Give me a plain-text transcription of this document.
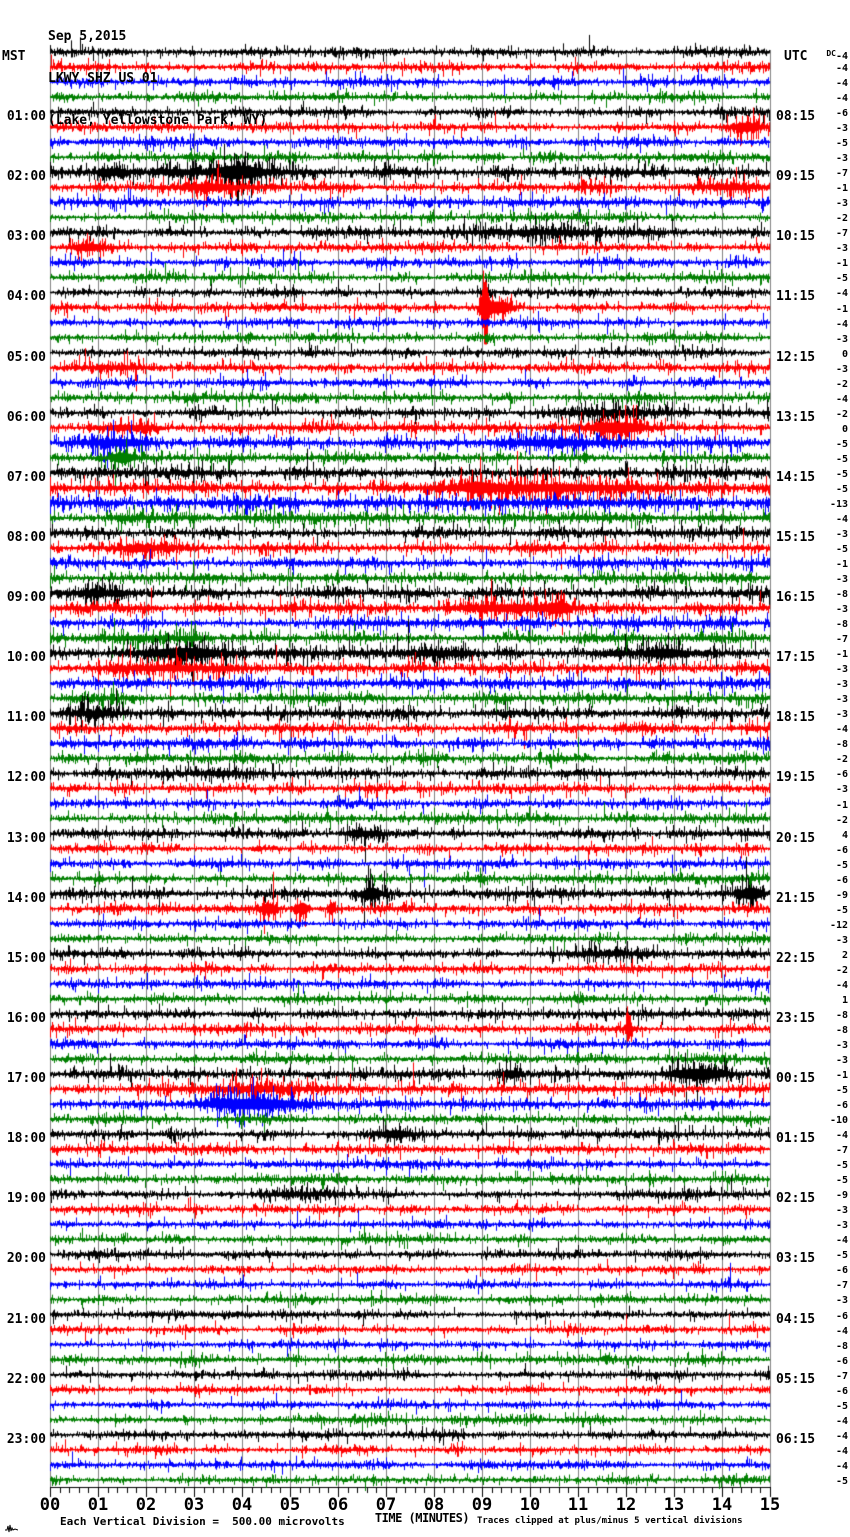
Sep 5,2015

LKWY SHZ US 01

(Lake, Yellowstone Park, WY)

MST	UTC
01:00
02:00
03:00
04:00
05:00
06:00
07:00
08:00
09:00
10:00
11:00
12:00
13:00
14:00
15:00
16:00
17:00
18:00
19:00
20:00
21:00
22:00
23:00
08:15
09:15
10:15
11:15
12:15
13:15
14:15
15:15
16:15
17:15
18:15
19:15
20:15
21:15
22:15
23:15
00:15
01:15
02:15
03:15
04:15
05:15
06:15
$^{DC}$-4
-4
-4
-4
-6
-3
-5
-3
-7
-1
-3
-2
-7
-3
-1
-5
-4
-1
-4
-3
0
-3
-2
-4
-2
0
-5
-5
-5
-5
-13
-4
-3
-5
-1
-3
-8
-3
-8
-7
-1
-3
-3
-3
-3
-4
-8
-2
-6
-3
-1
-2
4
-6
-5
-6
-9
-5
-12
-3
2
-2
-4
1
-8
-8
-3
-3
-1
-5
-6
-10
-4
-7
-5
-5
-9
-3
-3
-4
-5
-6
-7
-3
-6
-4
-8
-6
-7
-6
-5
-4
-4
-4
-4
-5
00	01	02	03	04	05	06	07	08	09	10	11	12	13	14	15
TIME (MINUTES)
Each Vertical Division =  500.00 microvolts	Traces clipped at plus/minus 5 vertical divisions
